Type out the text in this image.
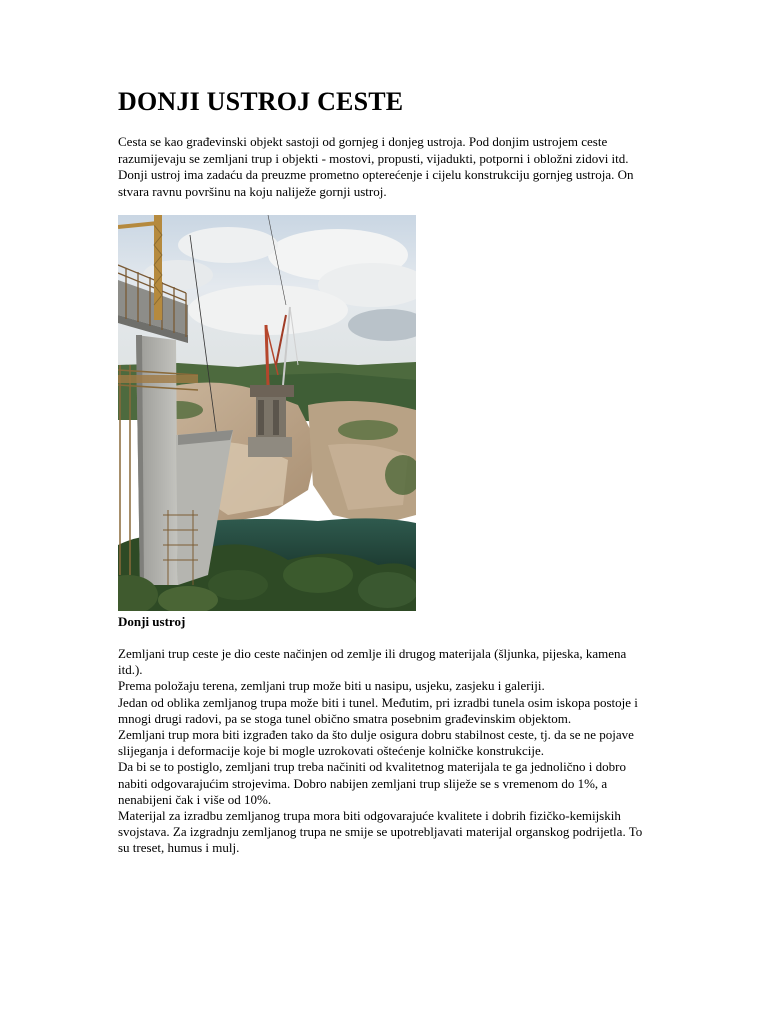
DONJI USTROJ CESTE

Cesta se kao građevinski objekt sastoji od gornjeg i donjeg ustroja. Pod donjim ustrojem ceste razumijevaju se zemljani trup i objekti - mostovi, propusti, vijadukti, potporni i obložni zidovi itd. Donji ustroj ima zadaću da preuzme prometno opterećenje i cijelu konstrukciju gornjeg ustroja. On stvara ravnu površinu na koju naliježe gornji ustroj.

Donji ustroj

Zemljani trup ceste je dio ceste načinjen od zemlje ili drugog materijala (šljunka, pijeska, kamena itd.).

Prema položaju terena, zemljani trup može biti u nasipu, usjeku, zasjeku i galeriji.

Jedan od oblika zemljanog trupa može biti i tunel. Međutim, pri izradbi tunela osim iskopa postoje i mnogi drugi radovi, pa se stoga tunel obično smatra posebnim građevinskim objektom.

Zemljani trup mora biti izgrađen tako da što dulje osigura dobru stabilnost ceste, tj. da se ne pojave slijeganja i deformacije koje bi mogle uzrokovati oštećenje kolničke konstrukcije.

Da bi se to postiglo, zemljani trup treba načiniti od kvalitetnog materijala te ga jednolično i dobro nabiti odgovarajućim strojevima. Dobro nabijen zemljani trup sliježe se s vremenom do 1%, a nenabijeni čak i više od 10%.

Materijal za izradbu zemljanog trupa mora biti odgovarajuće kvalitete i dobrih fizičko-kemijskih svojstava. Za izgradnju zemljanog trupa ne smije se upotrebljavati materijal organskog podrijetla. To su treset, humus i mulj.
